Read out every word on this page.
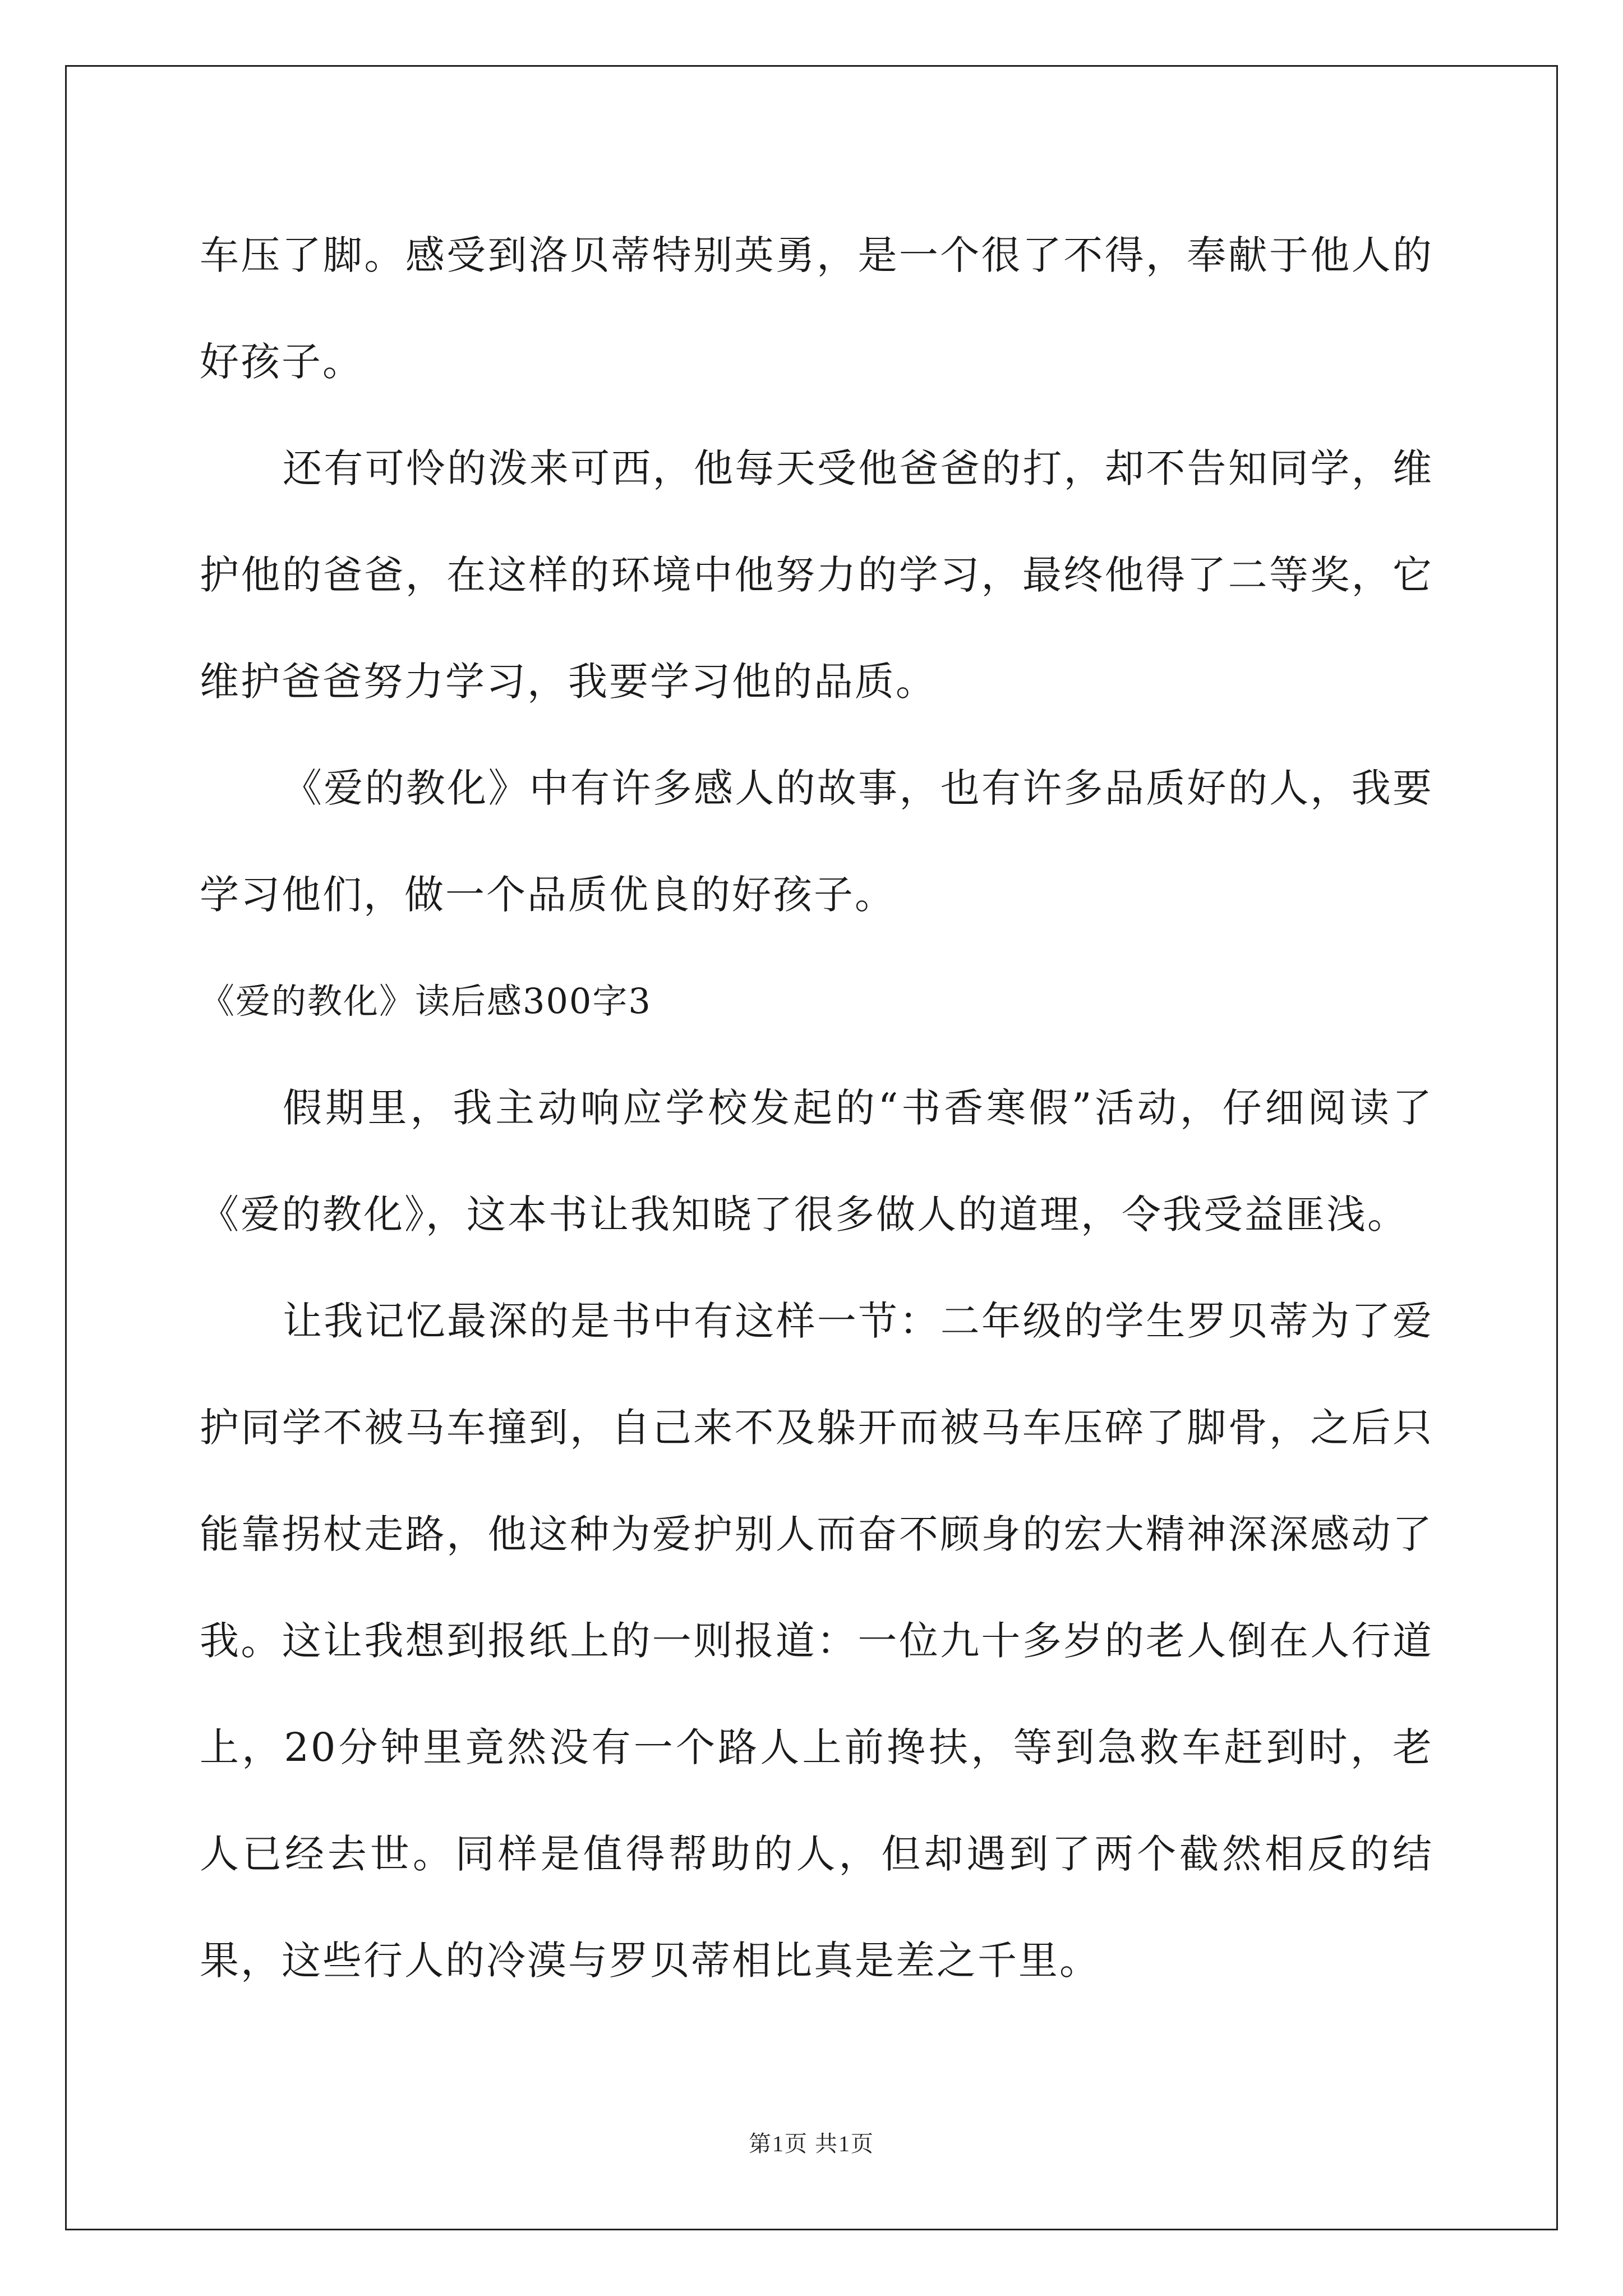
车压了脚。感受到洛贝蒂特别英勇，是一个很了不得，奉献于他人的好孩子。

还有可怜的泼来可西，他每天受他爸爸的打，却不告知同学，维护他的爸爸，在这样的环境中他努力的学习，最终他得了二等奖，它维护爸爸努力学习，我要学习他的品质。

《爱的教化》中有许多感人的故事，也有许多品质好的人，我要学习他们，做一个品质优良的好孩子。

《爱的教化》读后感300字3

假期里，我主动响应学校发起的“书香寒假”活动，仔细阅读了《爱的教化》，这本书让我知晓了很多做人的道理，令我受益匪浅。

让我记忆最深的是书中有这样一节：二年级的学生罗贝蒂为了爱护同学不被马车撞到，自己来不及躲开而被马车压碎了脚骨，之后只能靠拐杖走路，他这种为爱护别人而奋不顾身的宏大精神深深感动了我。这让我想到报纸上的一则报道：一位九十多岁的老人倒在人行道上，20分钟里竟然没有一个路人上前搀扶，等到急救车赶到时，老人已经去世。同样是值得帮助的人，但却遇到了两个截然相反的结果，这些行人的冷漠与罗贝蒂相比真是差之千里。

第1页 共1页
